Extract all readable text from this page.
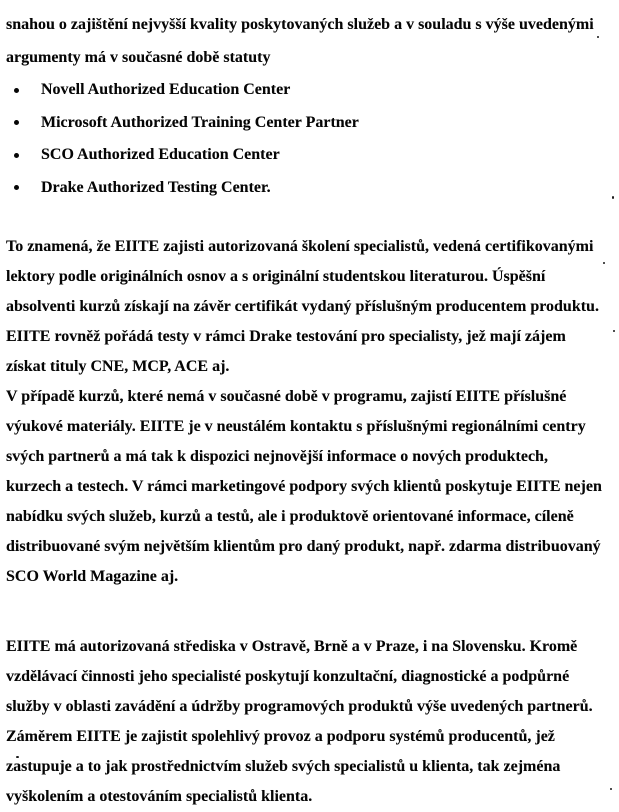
snahou o zajištění nejvyšší kvality poskytovaných služeb a v souladu s výše uvedenými
argumenty má v současné době statuty
Novell Authorized Education Center
Microsoft Authorized Training Center Partner
SCO Authorized Education Center
Drake Authorized Testing Center.
To znamená, že EIITE zajisti autorizovaná školení specialistů, vedená certifikovanými
lektory podle originálních osnov a s originální studentskou literaturou. Úspěšní
absolventi kurzů získají na závěr certifikát vydaný příslušným producentem produktu.
EIITE rovněž pořádá testy v rámci Drake testování pro specialisty, jež mají zájem
získat tituly CNE, MCP, ACE aj.
V případě kurzů, které nemá v současné době v programu, zajistí EIITE příslušné
výukové materiály. EIITE je v neustálém kontaktu s příslušnými regionálními centry
svých partnerů a má tak k dispozici nejnovější informace o nových produktech,
kurzech a testech. V rámci marketingové podpory svých klientů poskytuje EIITE nejen
nabídku svých služeb, kurzů a testů, ale i produktově orientované informace, cíleně
distribuované svým největším klientům pro daný produkt, např. zdarma distribuovaný
SCO World Magazine aj.
EIITE má autorizovaná střediska v Ostravě, Brně a v Praze, i na Slovensku. Kromě
vzdělávací činnosti jeho specialisté poskytují konzultační, diagnostické a podpůrné
služby v oblasti zavádění a údržby programových produktů výše uvedených partnerů.
Záměrem EIITE je zajistit spolehlivý provoz a podporu systémů producentů, jež
zastupuje a to jak prostřednictvím služeb svých specialistů u klienta, tak zejména
vyškolením a otestováním specialistů klienta.
